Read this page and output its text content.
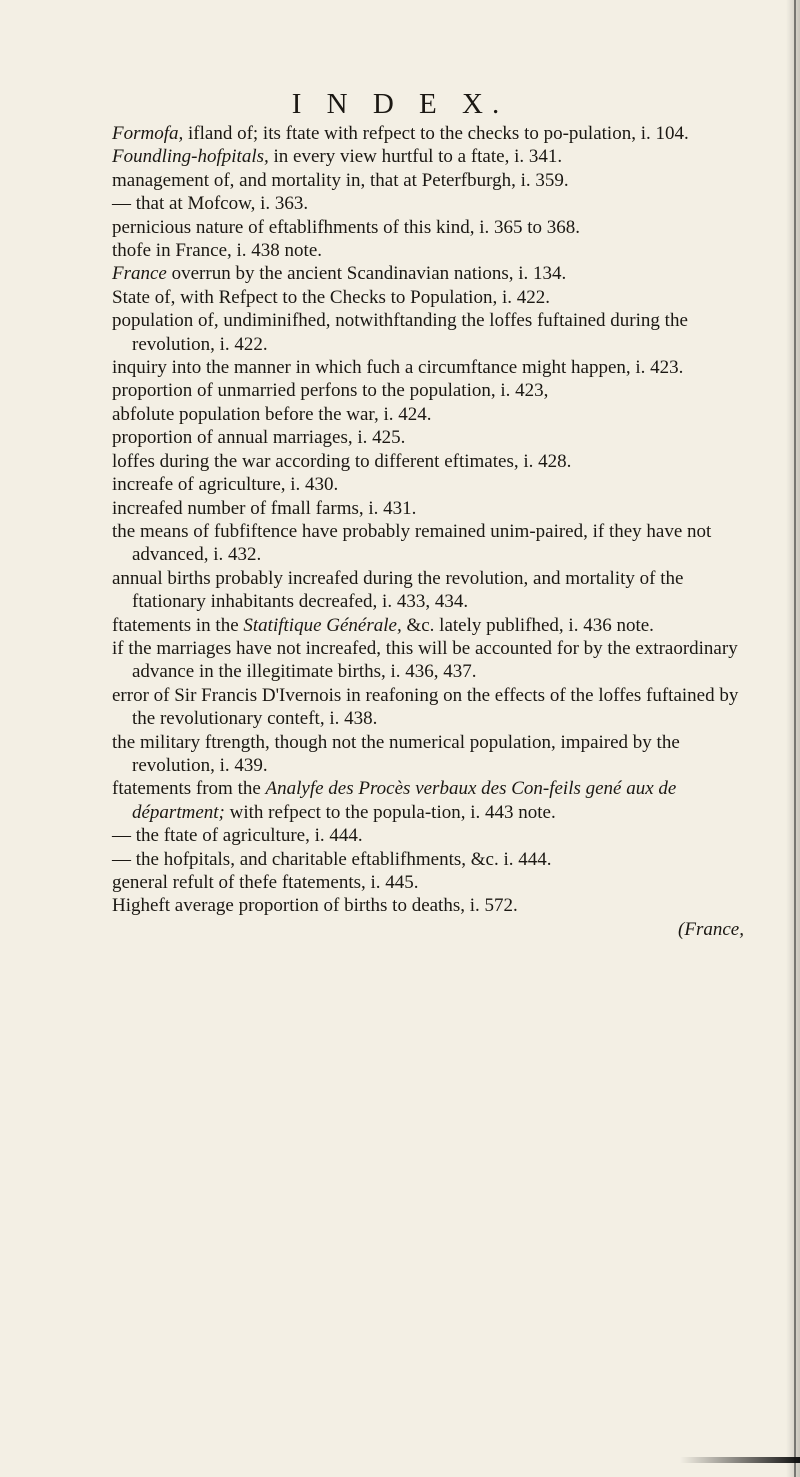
I N D E X.
Formofa, ifland of; its ftate with refpect to the checks to po-pulation, i. 104.
Foundling-hofpitals, in every view hurtful to a ftate, i. 341.
management of, and mortality in, that at Peterfburgh, i. 359.
— that at Mofcow, i. 363.
pernicious nature of eftablifhments of this kind, i. 365 to 368.
thofe in France, i. 438 note.
France overrun by the ancient Scandinavian nations, i. 134.
State of, with Refpect to the Checks to Population, i. 422.
population of, undiminifhed, notwithftanding the loffes fuftained during the revolution, i. 422.
inquiry into the manner in which fuch a circumftance might happen, i. 423.
proportion of unmarried perfons to the population, i. 423,
abfolute population before the war, i. 424.
proportion of annual marriages, i. 425.
loffes during the war according to different eftimates, i. 428.
increafe of agriculture, i. 430.
increafed number of fmall farms, i. 431.
the means of fubfiftence have probably remained unim-paired, if they have not advanced, i. 432.
annual births probably increafed during the revolution, and mortality of the ftationary inhabitants decreafed, i. 433, 434.
ftatements in the Statiftique Générale, &c. lately publifhed, i. 436 note.
if the marriages have not increafed, this will be accounted for by the extraordinary advance in the illegitimate births, i. 436, 437.
error of Sir Francis D'Ivernois in reafoning on the effects of the loffes fuftained by the revolutionary conteft, i. 438.
the military ftrength, though not the numerical population, impaired by the revolution, i. 439.
ftatements from the Analyfe des Procès verbaux des Con-feils gené aux de départment; with refpect to the popula-tion, i. 443 note.
— the ftate of agriculture, i. 444.
— the hofpitals, and charitable eftablifhments, &c. i. 444.
general refult of thefe ftatements, i. 445.
Higheft average proportion of births to deaths, i. 572.
(France,
